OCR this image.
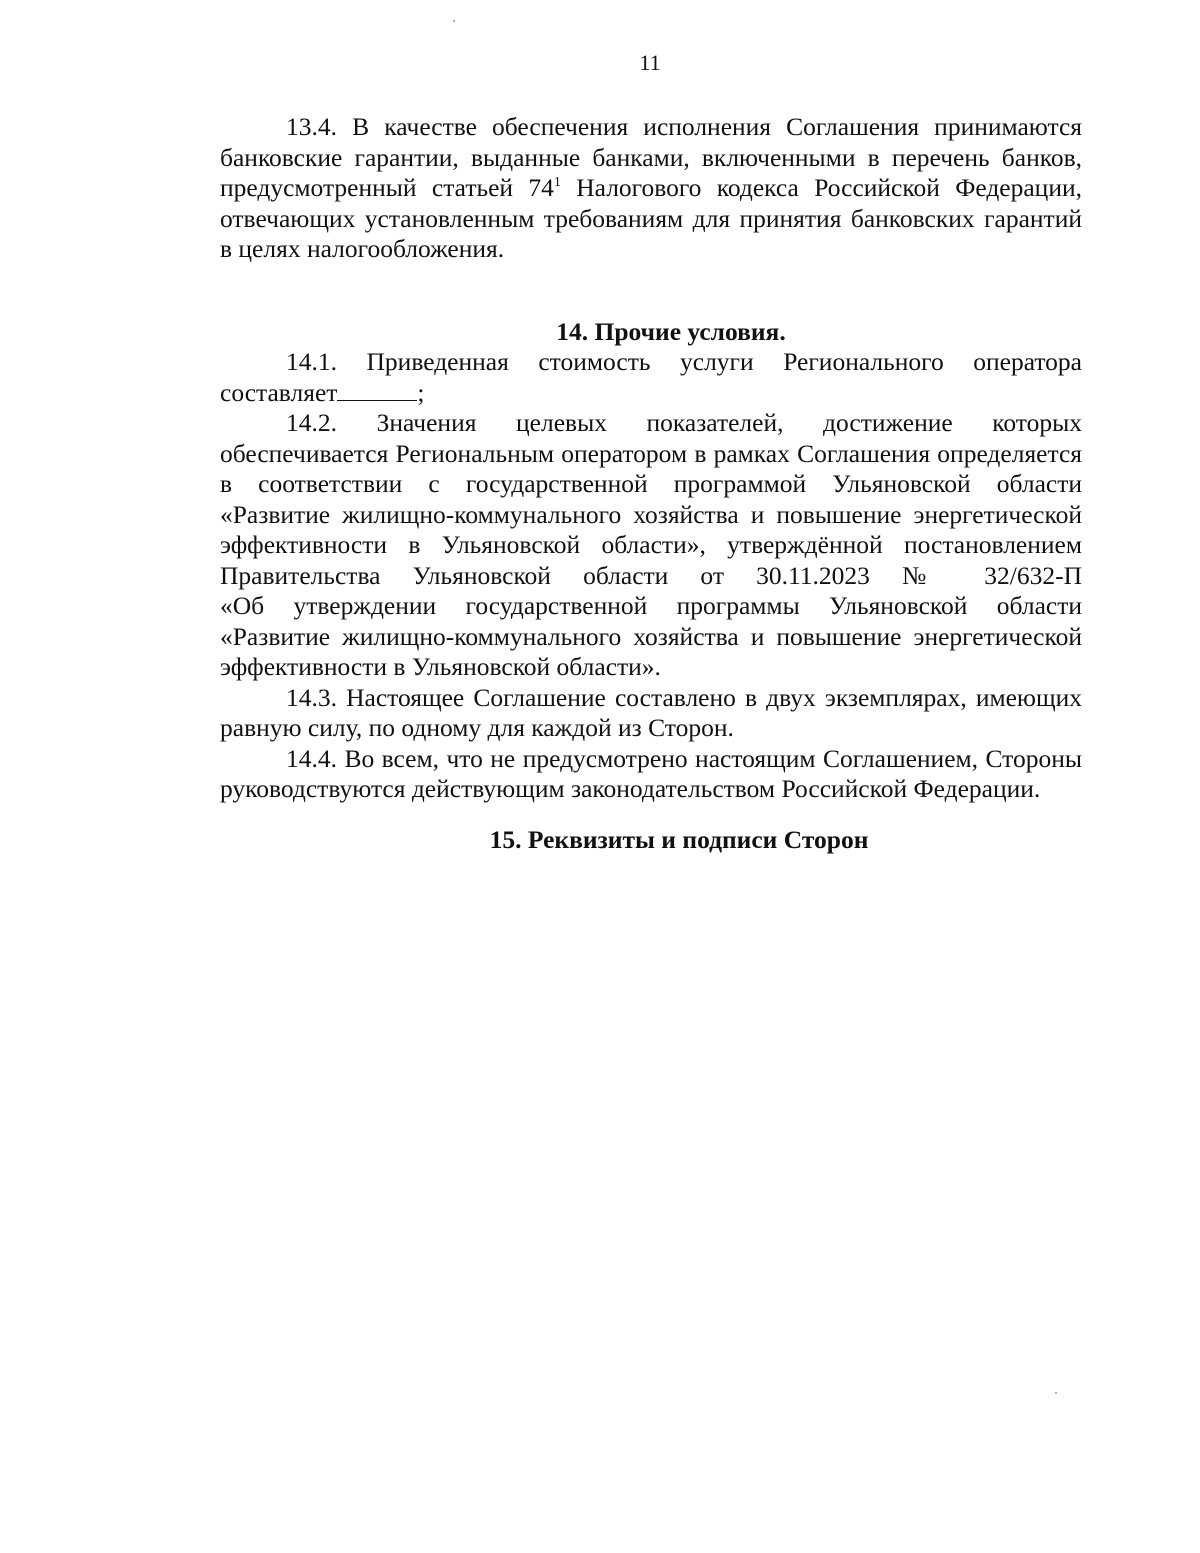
11
13.4. В качестве обеспечения исполнения Соглашения принимаются
банковские гарантии, выданные банками, включенными в перечень банков,
предусмотренный статьей $74^1$ Налогового кодекса Российской Федерации,
отвечающих установленным требованиям для принятия банковских гарантий
в целях налогообложения.

14. Прочие условия.

14.1. Приведенная стоимость услуги Регионального оператора
составляет	;
14.2. Значения целевых показателей, достижение которых
обеспечивается Региональным оператором в рамках Соглашения определяется
в соответствии с государственной программой Ульяновской области
«Развитие жилищно-коммунального хозяйства и повышение энергетической
эффективности в Ульяновской области», утверждённой постановлением
Правительства Ульяновской области от 30.11.2023 № 32/632-П
«Об утверждении государственной программы Ульяновской области
«Развитие жилищно-коммунального хозяйства и повышение энергетической
эффективности в Ульяновской области».
14.3. Настоящее Соглашение составлено в двух экземплярах, имеющих
равную силу, по одному для каждой из Сторон.
14.4. Во всем, что не предусмотрено настоящим Соглашением, Стороны
руководствуются действующим законодательством Российской Федерации.

15. Реквизиты и подписи Сторон
